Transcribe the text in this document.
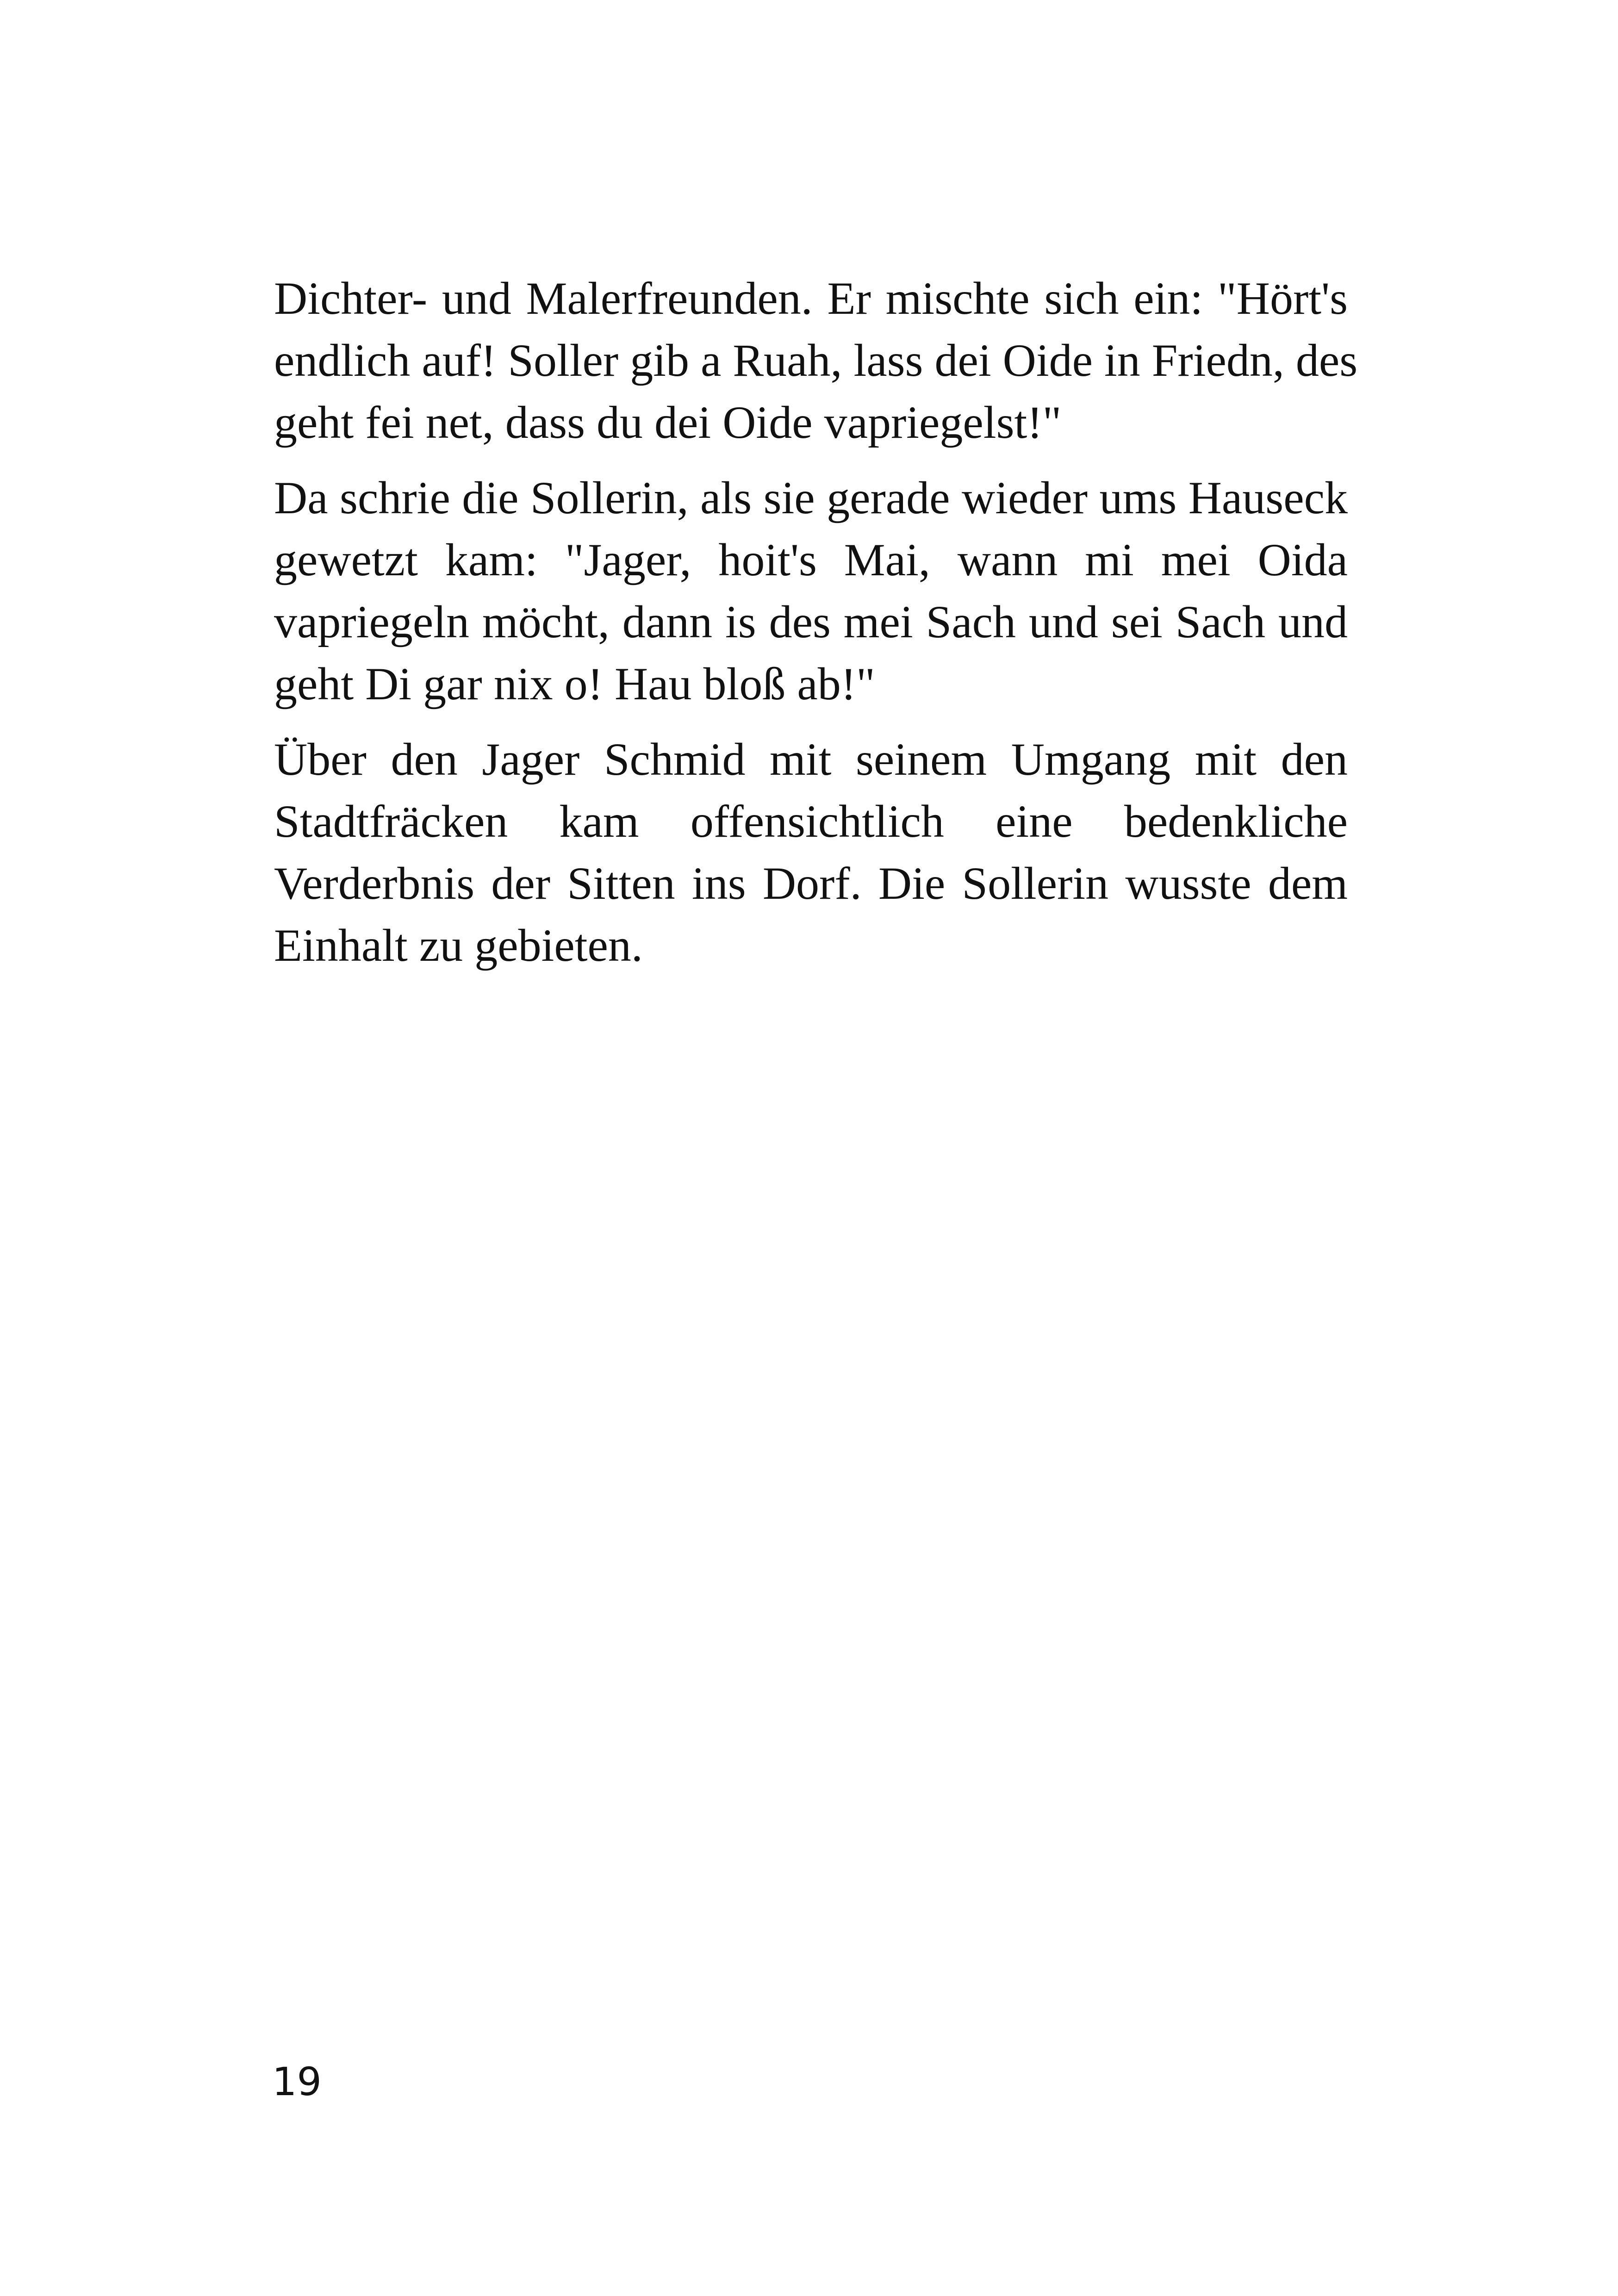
Dichter- und Malerfreunden. Er mischte sich ein: "Hört's
endlich auf! Soller gib a Ruah, lass dei Oide in Friedn, des
geht fei net, dass du dei Oide vapriegelst!"

Da schrie die Sollerin, als sie gerade wieder ums Hauseck
gewetzt kam: "Jager, hoit's Mai, wann mi mei Oida
vapriegeln möcht, dann is des mei Sach und sei Sach und
geht Di gar nix o! Hau bloß ab!"

Über den Jager Schmid mit seinem Umgang mit den
Stadtfräcken kam offensichtlich eine bedenkliche
Verderbnis der Sitten ins Dorf. Die Sollerin wusste dem
Einhalt zu gebieten.

19
